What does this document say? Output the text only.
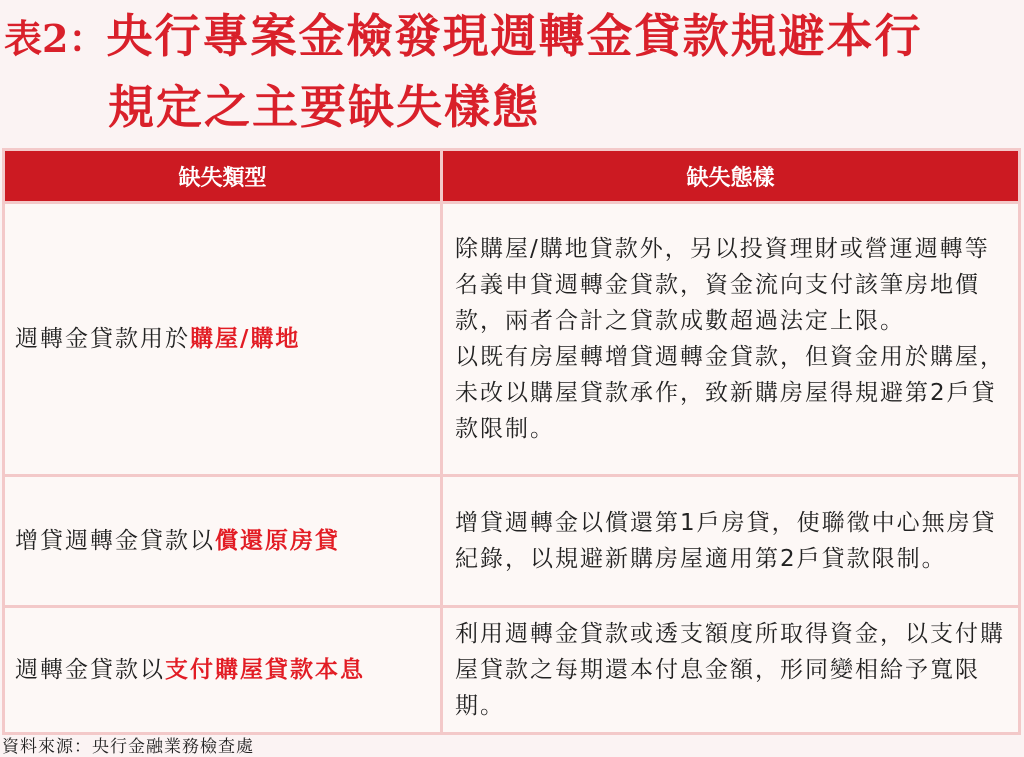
表2：央行專案金檢發現週轉金貸款規避本行
規定之主要缺失樣態
缺失類型	缺失態樣
週轉金貸款用於購屋/購地	除購屋/購地貸款外，另以投資理財或營運週轉等名義申貸週轉金貸款，資金流向支付該筆房地價款，兩者合計之貸款成數超過法定上限。
以既有房屋轉增貸週轉金貸款，但資金用於購屋，未改以購屋貸款承作，致新購房屋得規避第2戶貸款限制。

增貸週轉金貸款以償還原房貸	增貸週轉金以償還第1戶房貸，使聯徵中心無房貸紀錄，以規避新購房屋適用第2戶貸款限制。

週轉金貸款以支付購屋貸款本息	利用週轉金貸款或透支額度所取得資金，以支付購屋貸款之每期還本付息金額，形同變相給予寬限期。
資料來源：央行金融業務檢查處
